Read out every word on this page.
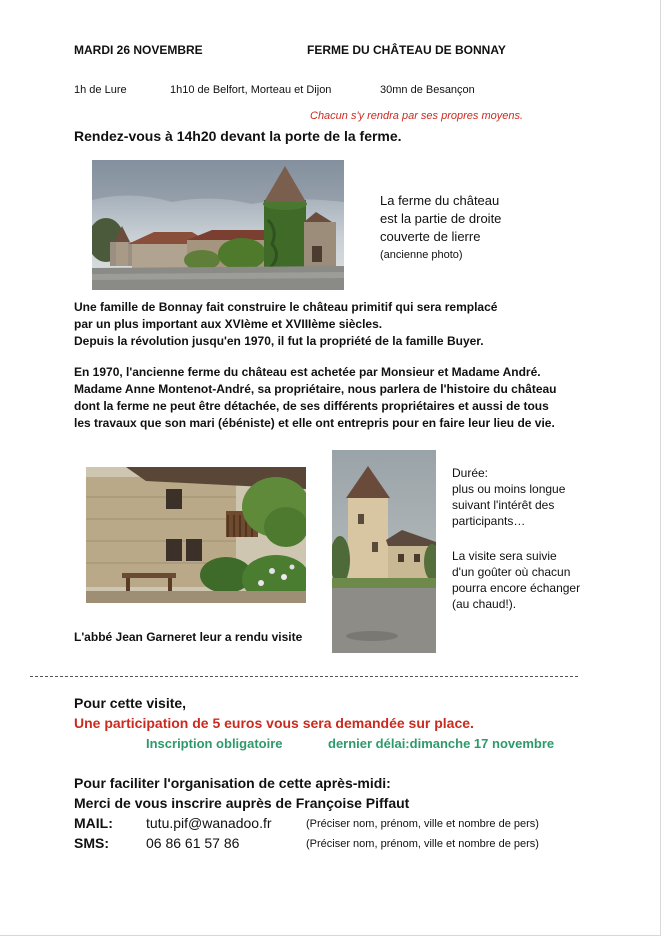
MARDI 26 NOVEMBRE	FERME DU CHÂTEAU DE BONNAY
1h de Lure	1h10 de Belfort, Morteau et Dijon	30mn de Besançon
Chacun s'y rendra par ses propres moyens.
Rendez-vous à 14h20 devant la porte de la ferme.
La ferme du château
est la partie de droite
couverte de lierre
(ancienne photo)
Une famille de Bonnay fait construire le château primitif qui sera remplacé
par un plus important aux XVIème et XVIIIème siècles.
Depuis la révolution jusqu'en 1970, il fut la propriété de la famille Buyer.
En 1970, l'ancienne ferme du château est achetée par Monsieur et Madame André.
Madame Anne Montenot-André, sa propriétaire, nous parlera de l'histoire du château
dont la ferme ne peut être détachée, de ses différents propriétaires et aussi de tous
les travaux que son mari (ébéniste) et elle ont entrepris pour en faire leur lieu de vie.
Durée:
plus ou moins longue
suivant l'intérêt des
participants…
La visite sera suivie
d'un goûter où chacun
pourra encore échanger
(au chaud!).
L'abbé Jean Garneret leur a rendu visite
Pour cette visite,
Une participation de 5 euros vous sera demandée sur place.
Inscription obligatoire	dernier délai:dimanche 17 novembre
Pour faciliter l'organisation de cette après-midi:
Merci de vous inscrire auprès de Françoise Piffaut
MAIL: tutu.pif@wanadoo.fr	(Préciser nom, prénom, ville et nombre de pers)
SMS:	06 86 61 57 86	(Préciser nom, prénom, ville et nombre de pers)
